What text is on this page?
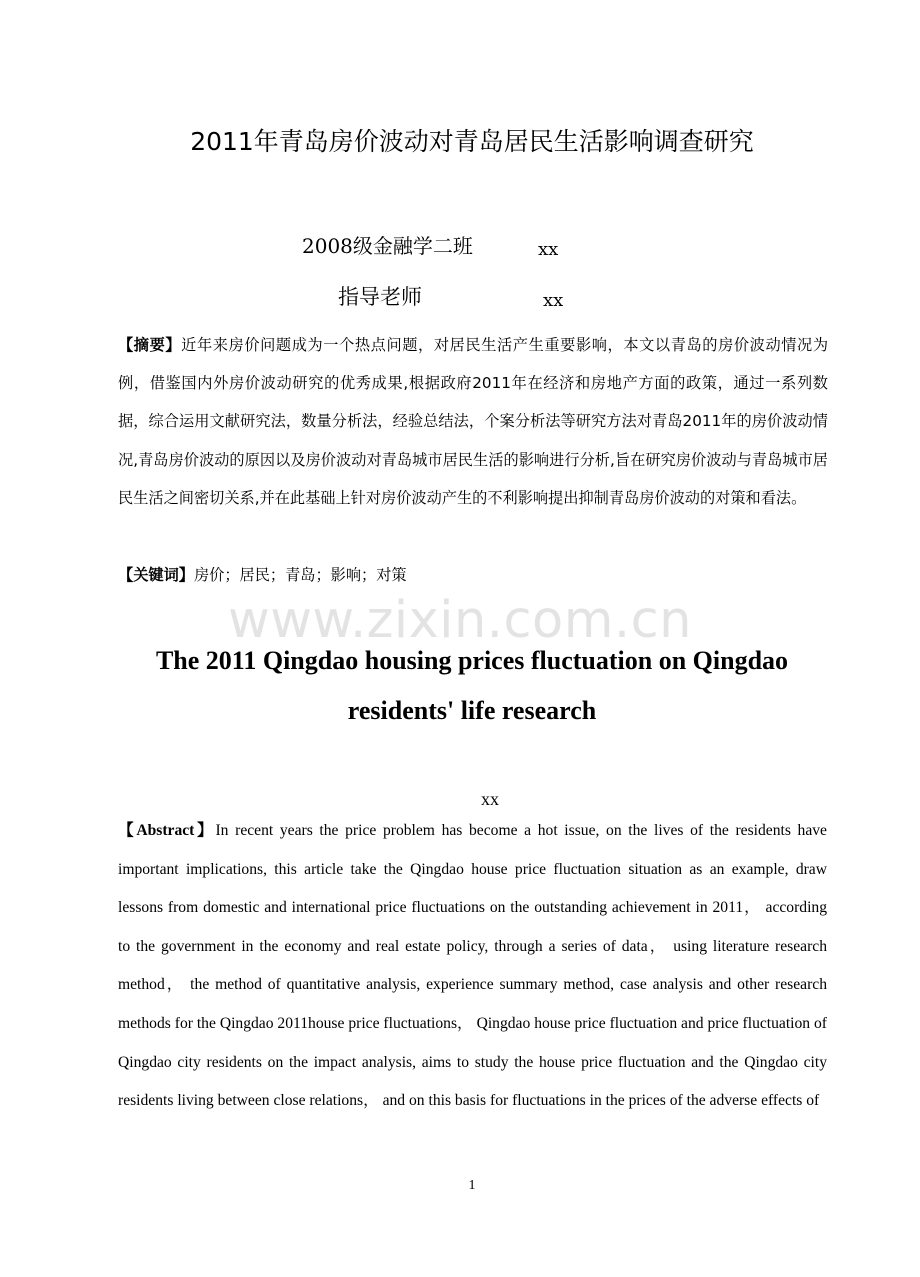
2011年青岛房价波动对青岛居民生活影响调查研究
2008级金融学二班	xx
指导老师	xx

【摘要】近年来房价问题成为一个热点问题，对居民生活产生重要影响，本文以青岛的房价波动情况为例，借鉴国内外房价波动研究的优秀成果,根据政府2011年在经济和房地产方面的政策，通过一系列数据，综合运用文献研究法，数量分析法，经验总结法，个案分析法等研究方法对青岛2011年的房价波动情况,青岛房价波动的原因以及房价波动对青岛城市居民生活的影响进行分析,旨在研究房价波动与青岛城市居民生活之间密切关系,并在此基础上针对房价波动产生的不利影响提出抑制青岛房价波动的对策和看法。

【关键词】房价；居民；青岛；影响；对策

www.zixin.com.cn
The 2011 Qingdao housing prices fluctuation on Qingdao
residents' life research
xx

【Abstract】In recent years the price problem has become a hot issue, on the lives of the residents have important implications, this article take the Qingdao house price fluctuation situation as an example, draw lessons from domestic and international price fluctuations on the outstanding achievement in 2011， according to the government in the economy and real estate policy, through a series of data， using literature research method， the method of quantitative analysis, experience summary method, case analysis and other research methods for the Qingdao 2011house price fluctuations， Qingdao house price fluctuation and price fluctuation of Qingdao city residents on the impact analysis, aims to study the house price fluctuation and the Qingdao city residents living between close relations， and on this basis for fluctuations in the prices of the adverse effects of

1
